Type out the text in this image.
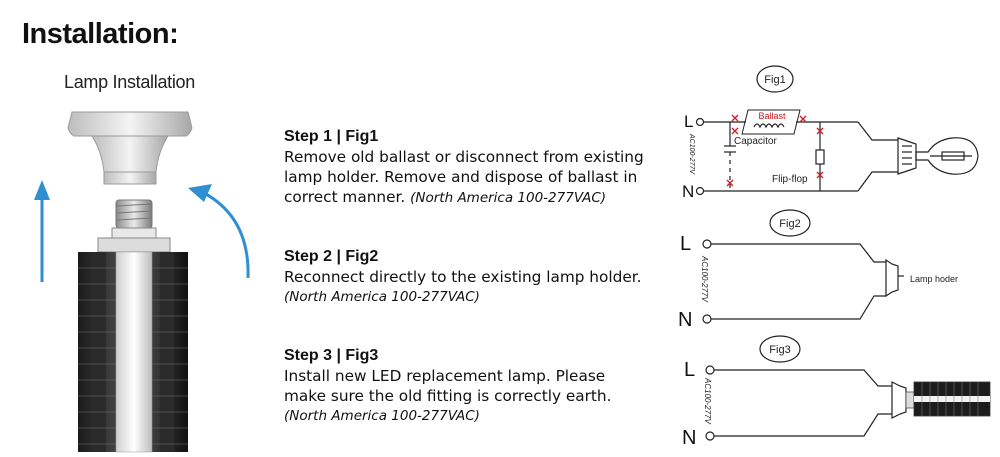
Installation:
Lamp Installation
Step 1 | Fig1
Remove old ballast or disconnect from existing lamp holder. Remove and dispose of ballast in correct manner. (North America 100-277VAC)
Step 2 | Fig2
Reconnect directly to the existing lamp holder.
(North America 100-277VAC)
Step 3 | Fig3
Install new LED replacement lamp. Please make sure the old fitting is correctly earth.
(North America 100-277VAC)
Fig1
L
N
AC100-277V
Ballast
Capacitor
Flip-flop
Fig2
L
N
AC100-277V	Lamp hoder
Fig3
L
N
AC100-277V
